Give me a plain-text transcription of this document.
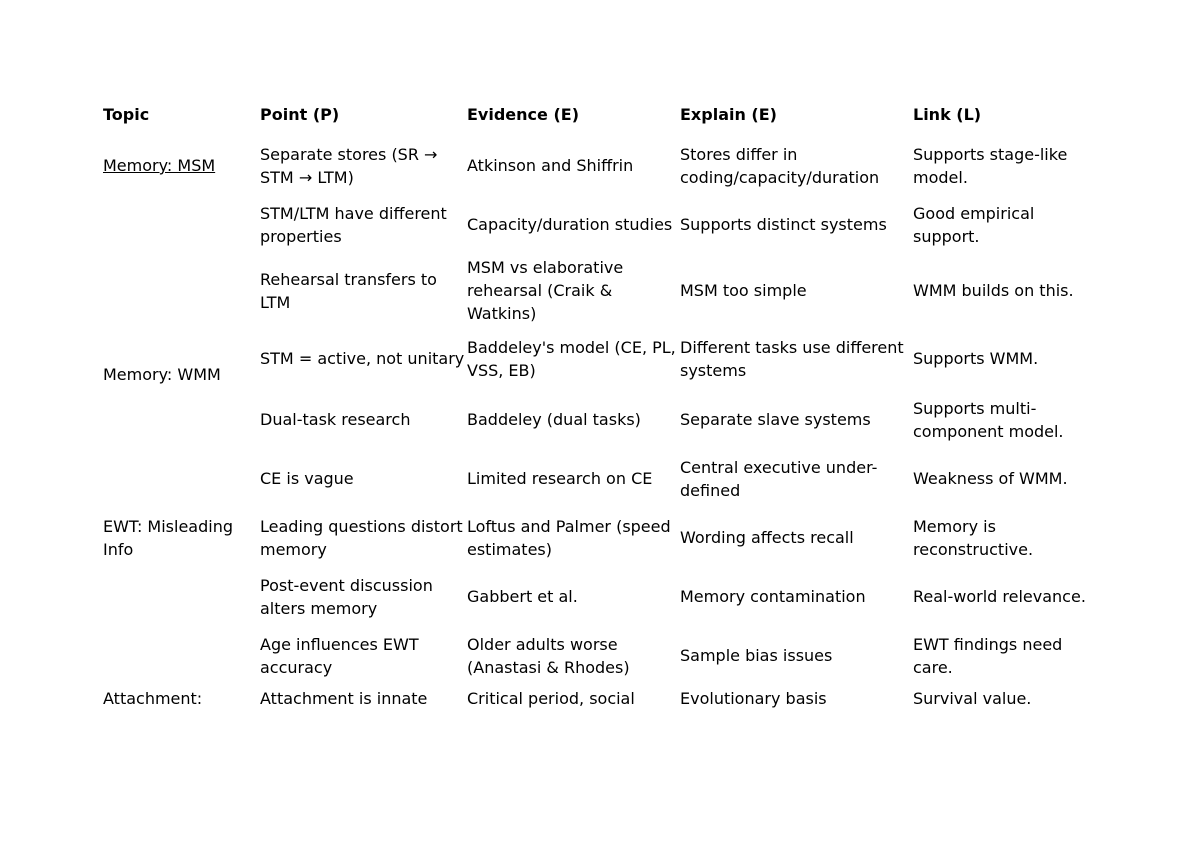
Topic	Point (P)	Evidence (E)	Explain (E)	Link (L)

Memory: MSM	Separate stores (SR → STM → LTM)	Atkinson and Shiffrin	Stores differ in coding/capacity/duration	Supports stage-like model.
	STM/LTM have different properties	Capacity/duration studies	Supports distinct systems	Good empirical support.
	Rehearsal transfers to LTM	MSM vs elaborative rehearsal (Craik & Watkins)	MSM too simple	WMM builds on this.
Memory: WMM	STM = active, not unitary	Baddeley's model (CE, PL, VSS, EB)	Different tasks use different systems	Supports WMM.
	Dual-task research	Baddeley (dual tasks)	Separate slave systems	Supports multi-component model.
	CE is vague	Limited research on CE	Central executive under-defined	Weakness of WMM.
EWT: Misleading Info	Leading questions distort memory	Loftus and Palmer (speed estimates)	Wording affects recall	Memory is reconstructive.
	Post-event discussion alters memory	Gabbert et al.	Memory contamination	Real-world relevance.
	Age influences EWT accuracy	Older adults worse (Anastasi & Rhodes)	Sample bias issues	EWT findings need care.
Attachment:	Attachment is innate	Critical period, social	Evolutionary basis	Survival value.
